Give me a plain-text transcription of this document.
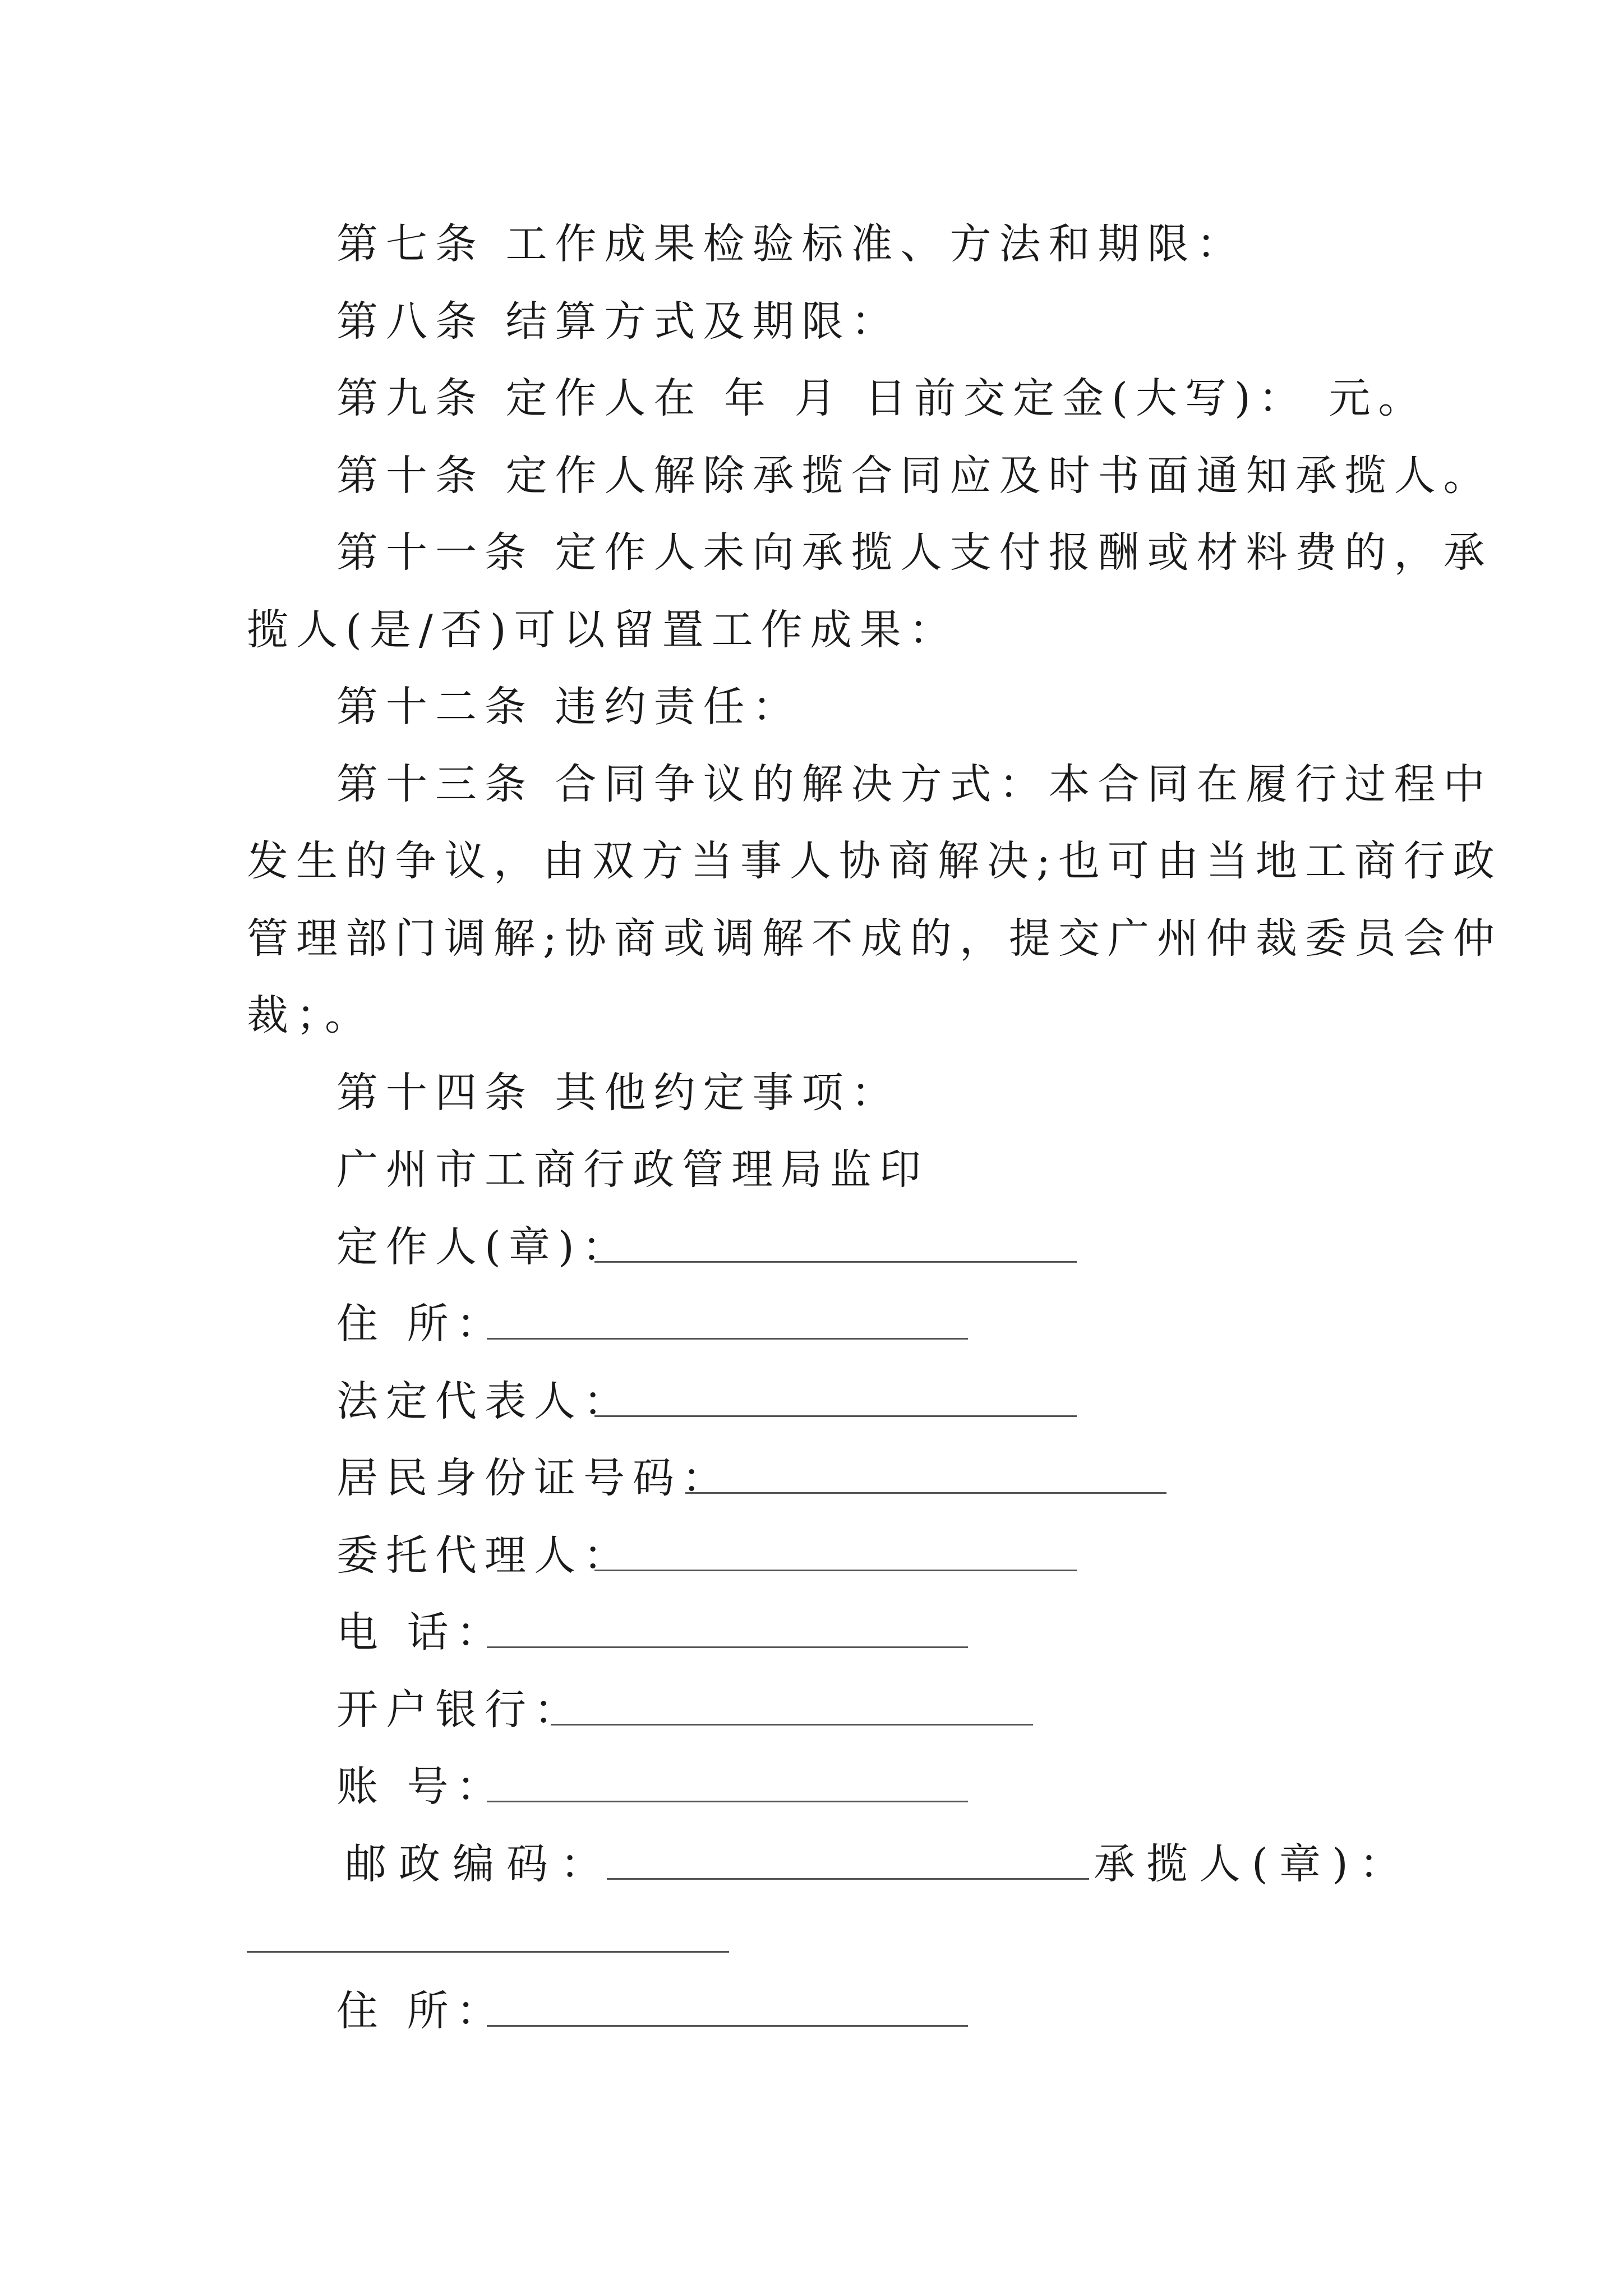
第七条 工作成果检验标准、方法和期限：
第八条 结算方式及期限：
第九条 定作人在 年 月 日前交定金(大写)： 元。
第十条 定作人解除承揽合同应及时书面通知承揽人。
第十一条 定作人未向承揽人支付报酬或材料费的，承
揽人(是/否)可以留置工作成果：
第十二条 违约责任：
第十三条 合同争议的解决方式：本合同在履行过程中
发生的争议，由双方当事人协商解决;也可由当地工商行政
管理部门调解;协商或调解不成的，提交广州仲裁委员会仲
裁；。
第十四条 其他约定事项：
广州市工商行政管理局监印
定作人(章)：
住 所：
法定代表人：
居民身份证号码：
委托代理人：
电 话：
开户银行：
账 号：
邮政编码：	承揽人(章)：
住 所：
